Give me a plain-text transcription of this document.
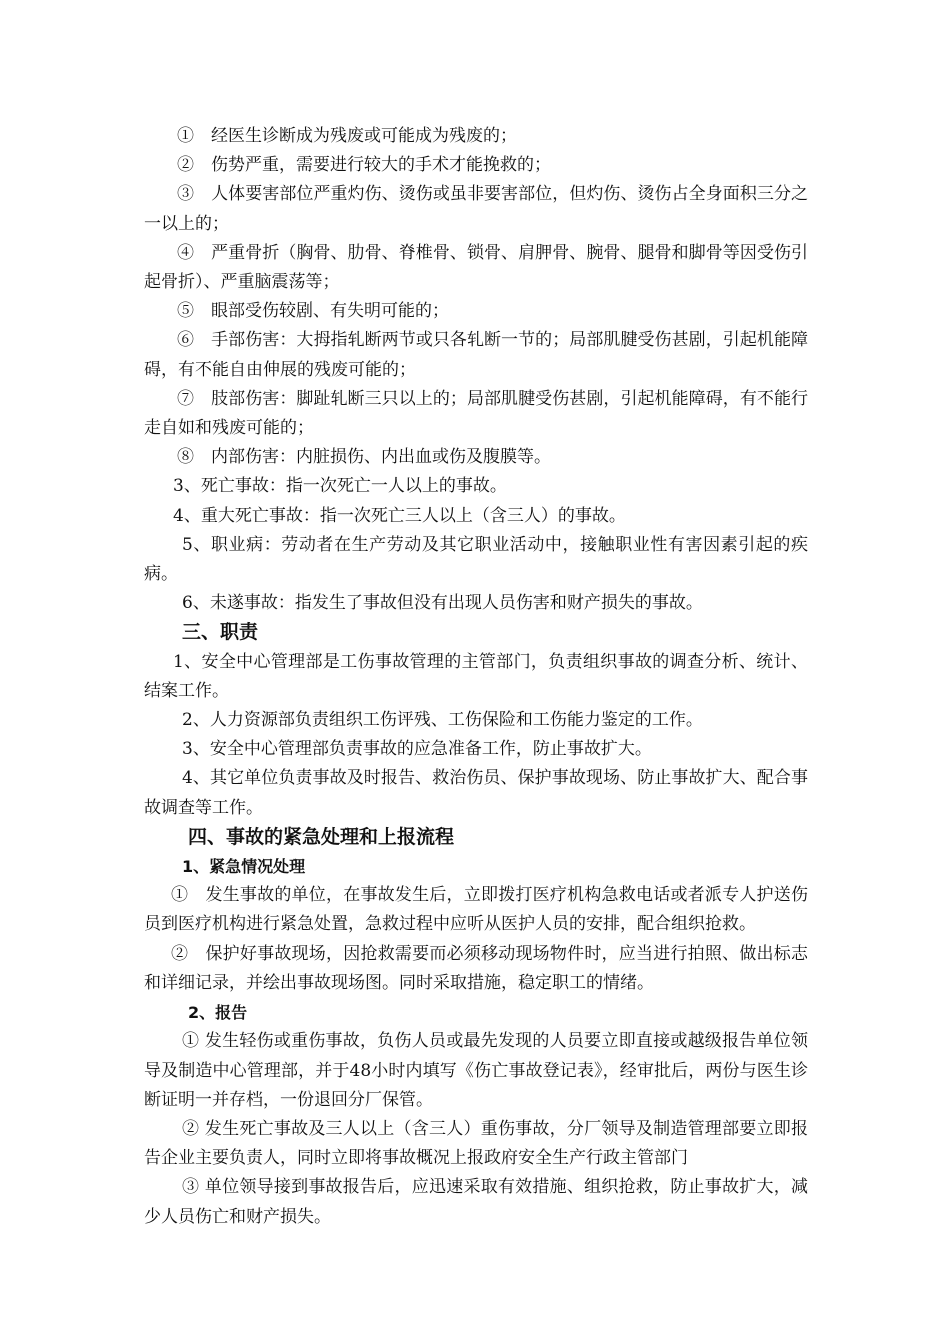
①　经医生诊断成为残废或可能成为残废的；

②　伤势严重，需要进行较大的手术才能挽救的；

③　人体要害部位严重灼伤、烫伤或虽非要害部位，但灼伤、烫伤占全身面积三分之一以上的；

④　严重骨折（胸骨、肋骨、脊椎骨、锁骨、肩胛骨、腕骨、腿骨和脚骨等因受伤引起骨折）、严重脑震荡等；

⑤　眼部受伤较剧、有失明可能的；

⑥　手部伤害：大拇指轧断两节或只各轧断一节的；局部肌腱受伤甚剧，引起机能障碍，有不能自由伸展的残废可能的；

⑦　肢部伤害：脚趾轧断三只以上的；局部肌腱受伤甚剧，引起机能障碍，有不能行走自如和残废可能的；

⑧　内部伤害：内脏损伤、内出血或伤及腹膜等。

3、死亡事故：指一次死亡一人以上的事故。

4、重大死亡事故：指一次死亡三人以上（含三人）的事故。

5、职业病：劳动者在生产劳动及其它职业活动中，接触职业性有害因素引起的疾病。

6、未遂事故：指发生了事故但没有出现人员伤害和财产损失的事故。

三、职责

1、安全中心管理部是工伤事故管理的主管部门，负责组织事故的调查分析、统计、结案工作。

2、人力资源部负责组织工伤评残、工伤保险和工伤能力鉴定的工作。

3、安全中心管理部负责事故的应急准备工作，防止事故扩大。

4、其它单位负责事故及时报告、救治伤员、保护事故现场、防止事故扩大、配合事故调查等工作。

四、事故的紧急处理和上报流程

1、紧急情况处理

①　发生事故的单位，在事故发生后，立即拨打医疗机构急救电话或者派专人护送伤员到医疗机构进行紧急处置，急救过程中应听从医护人员的安排，配合组织抢救。

②　保护好事故现场，因抢救需要而必须移动现场物件时，应当进行拍照、做出标志和详细记录，并绘出事故现场图。同时采取措施，稳定职工的情绪。

2、报告

① 发生轻伤或重伤事故，负伤人员或最先发现的人员要立即直接或越级报告单位领导及制造中心管理部，并于48小时内填写《伤亡事故登记表》，经审批后，两份与医生诊断证明一并存档，一份退回分厂保管。

② 发生死亡事故及三人以上（含三人）重伤事故，分厂领导及制造管理部要立即报告企业主要负责人，同时立即将事故概况上报政府安全生产行政主管部门

③ 单位领导接到事故报告后，应迅速采取有效措施、组织抢救，防止事故扩大，减少人员伤亡和财产损失。
